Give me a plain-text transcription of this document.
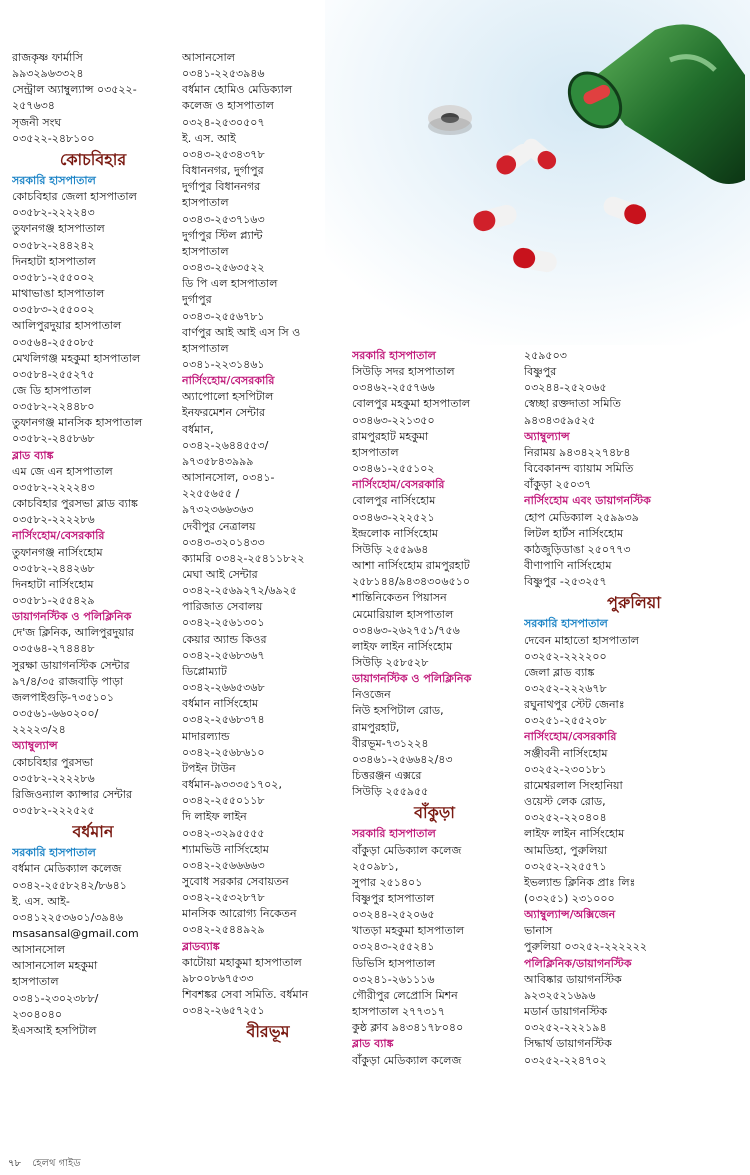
রাজকৃষ্ণ ফার্মাসি
৯৯৩২৯৬৩৩২৪
সেন্ট্রাল অ্যাম্বুল্যান্স ০৩৫২২-
২৫৭৬৩৪
সৃজনী সংঘ
০৩৫২২-২৪৮১০০
কোচবিহার
সরকারি হাসপাতাল
কোচবিহার জেলা হাসপাতাল
০৩৫৮২-২২২২৪৩
তুফানগঞ্জ হাসপাতাল
০৩৫৮২-২৪৪২৪২
দিনহাটা হাসপাতাল
০৩৫৮১-২৫৫০০২
মাথাভাঙা হাসপাতাল
০৩৫৮৩-২৫৫০০২
আলিপুরদুয়ার হাসপাতাল
০৩৫৬৪-২৫৫০৮৫
মেখলিগঞ্জ মহকুমা হাসপাতাল
০৩৫৮৪-২৫৫২৭৫
জে ডি হাসপাতাল
০৩৫৮২-২২৪৪৮০
তুফানগঞ্জ মানসিক হাসপাতাল
০৩৫৮২-২৪৫৮৬৮
ব্লাড ব্যাঙ্ক
এম জে এন হাসপাতাল
০৩৫৮২-২২২২৪৩
কোচবিহার পুরসভা ব্লাড ব্যাঙ্ক
০৩৫৮২-২২২২৮৬
নার্সিংহোম/বেসরকারি
তুফানগঞ্জ নার্সিংহোম
০৩৫৮২-২৪৪২৬৮
দিনহাটা নার্সিংহোম
০৩৫৮১-২৫৫৪২৯
ডায়াগনস্টিক ও পলিক্লিনিক
দে'জ ক্লিনিক, আলিপুরদুয়ার
০৩৫৬৪-২৭৪৪৪৮
সুরক্ষা ডায়াগনস্টিক সেন্টার
৯৭/৪/৩৫ রাজবাড়ি পাড়া
জলপাইগুড়ি-৭৩৫১০১
০৩৫৬১-৬৬০২০০/
২২২২৩/২৪
অ্যাম্বুল্যান্স
কোচবিহার পুরসভা
০৩৫৮২-২২২২৮৬
রিজিওন্যাল ক্যান্সার সেন্টার
০৩৫৮২-২২২৫২৫
বর্ধমান
সরকারি হাসপাতাল
বর্ধমান মেডিক্যাল কলেজ
০৩৪২-২৫৫৮২৪২/৮৬৪১
ই. এস. আই-
০৩৪১২২৫৩৬০১/৩৯৪৬
msasansal@gmail.com
আসানসোল
আসানসোল মহকুমা
হাসপাতাল
০৩৪১-২৩০২৩৮৮/
২৩০৪০৪০
ইএসআই হসপিটাল
আসানসোল
০৩৪১-২২৫৩৯৪৬
বর্ধমান হোমিও মেডিক্যাল
কলেজ ও হাসপাতাল
০৩২৪-২৫৩০৫০৭
ই. এস. আই
০৩৪৩-২৫৩৪৩৭৮
বিধাননগর, দুর্গাপুর
দুর্গাপুর বিধাননগর
হাসপাতাল
০৩৪৩-২৫৩৭১৬৩
দুর্গাপুর স্টিল প্ল্যান্ট
হাসপাতাল
০৩৪৩-২৫৬৩৫২২
ডি পি এল হাসপাতাল
দুর্গাপুর
০৩৪৩-২৫৫৬৭৮১
বার্ণপুর আই আই এস সি ও
হাসপাতাল
০৩৪১-২২৩১৪৬১
নার্সিংহোম/বেসরকারি
অ্যাপোলো হসপিটাল
ইনফরমেশন সেন্টার
বর্ধমান,
০৩৪২-২৬৪৪৫৫৩/
৯৭৩৫৮৪৩৯৯৯
আসানসোল, ০৩৪১-
২২৫৫৬৫৫ /
৯৭৩২৩৬৬৩৬৩
দেবীপুর নেত্রালয়
০৩৪৩-৩২০১৪৩৩
ক্যামরি ০৩৪২-২৫৪১১৮২২
মেঘা আই সেন্টার
০৩৪২-২৫৬৯২৭২/৬৯২৫
পারিজাত সেবালয়
০৩৪২-২৫৬১৩০১
কেয়ার অ্যান্ড কিওর
০৩৪২-২৫৬৮৩৬৭
ডিপ্লোম্যাট
০৩৪২-২৬৬৫৩৬৮
বর্ধমান নার্সিংহোম
০৩৪২-২৫৬৮৩৭৪
মাদারল্যান্ড
০৩৪২-২৫৬৮৬১০
টপইন টাউন
বর্ধমান-৯৩৩৩৫১৭০২,
০৩৪২-২৫৫০১১৮
দি লাইফ লাইন
০৩৪২-৩২৯৫৫৫৫
শ্যামভিউ নার্সিংহোম
০৩৪২-২৫৬৬৬৬৩
সুবোধ সরকার সেবায়তন
০৩৪২-২৫৩২৮৭৮
মানসিক আরোগ্য নিকেতন
০৩৪২-২৫৪৪৯২৯
ব্লাডব্যাঙ্ক
কাটোয়া মহাকুমা হাসপাতাল
৯৮০০৮৬৭৫৩৩
শিবশঙ্কর সেবা সমিতি. বর্ধমান
০৩৪২-২৬৫৭২৫১
বীরভূম
সরকারি হাসপাতাল
সিউড়ি সদর হাসপাতাল
০৩৪৬২-২৫৫৭৬৬
বোলপুর মহকুমা হাসপাতাল
০৩৪৬৩-২২১৩৫০
রামপুরহাট মহকুমা
হাসপাতাল
০৩৪৬১-২৫৫১০২
নার্সিংহোম/বেসরকারি
বোলপুর নার্সিংহোম
০৩৪৬৩-২২২৫২১
ইন্দ্রলোক নার্সিংহোম
সিউড়ি ২৫৫৯৬৪
আশা নার্সিংহোম রামপুরহাট
২৫৮১৪৪/৯৪৩৪৩০৬৫১০
শান্তিনিকেতন পিয়াসন
মেমোরিয়াল হাসপাতাল
০৩৪৬৩-২৬২৭৫১/৭৫৬
লাইফ লাইন নার্সিংহোম
সিউড়ি ২৫৮৫২৮
ডায়াগনস্টিক ও পলিক্লিনিক
নিওজেন
নিউ হসপিটাল রোড,
রামপুরহাট,
বীরভূম-৭৩১২২৪
০৩৪৬১-২৫৬৬৪২/৪৩
চিত্তরঞ্জন এক্সরে
সিউড়ি ২৫৫৯৫৫
বাঁকুড়া
সরকারি হাসপাতাল
বাঁকুড়া মেডিক্যাল কলেজ
২৫০৯৮১,
সুপার ২৫১৪০১
বিষ্ণুপুর হাসপাতাল
০৩২৪৪-২৫২০৬৫
খাতড়া মহকুমা হাসপাতাল
০৩২৪৩-২৫৫২৪১
ডিভিসি হাসপাতাল
০৩২৪১-২৬১১১৬
গৌরীপুর লেপ্রোসি মিশন
হাসপাতাল ২৭৭৩১৭
কুষ্ঠ ক্লাব ৯৪৩৪১৭৮০৪০
ব্লাড ব্যাঙ্ক
বাঁকুড়া মেডিক্যাল কলেজ
২৫৯৫০৩
বিষ্ণুপুর
০৩২৪৪-২৫২০৬৫
স্বেচ্ছা রক্তদাতা সমিতি
৯৪৩৪৩৫৯৫২৫
অ্যাম্বুল্যান্স
নিরাময় ৯৪৩৪২২৭৪৮৪
বিবেকানন্দ ব্যায়াম সমিতি
বাঁকুড়া ২৫০৩৭
নার্সিংহোম এবং ডায়াগনস্টিক
হোপ মেডিক্যাল ২৫৯৯৩৯
লিটল হার্টস নার্সিংহোম
কাঠজুড়িডাঙা ২৫০৭৭৩
বীণাপাণি নার্সিংহোম
বিষ্ণুপুর -২৫৩২৫৭
পুরুলিয়া
সরকারি হাসপাতাল
দেবেন মাহাতো হাসপাতাল
০৩২৫২-২২২২০০
জেলা ব্লাড ব্যাঙ্ক
০৩২৫২-২২২৬৭৮
রঘুনাথপুর স্টেট জেনাঃ
০৩২৫১-২৫৫২০৮
নার্সিংহোম/বেসরকারি
সঞ্জীবনী নার্সিংহোম
০৩২৫২-২৩০১৮১
রামেশ্বরলাল সিংহানিয়া
ওয়েস্ট লেক রোড,
০৩২৫২-২২০৪০৪
লাইফ লাইন নার্সিংহোম
আমডিহা, পুরুলিয়া
০৩২৫২-২২৫৫৭১
ইভল্যান্ড ক্লিনিক প্রাঃ লিঃ
(০৩২৫১) ২৩১০০০
অ্যাম্বুল্যান্স/অক্সিজেন
ভানাস
পুরুলিয়া ০৩২৫২-২২২২২২
পলিক্লিনিক/ডায়াগনস্টিক
আবিষ্কার ডায়াগনস্টিক
৯২৩২৫২১৬৯৬
মডার্ন ডায়াগনস্টিক
০৩২৫২-২২২১৯৪
সিদ্ধার্থ ডায়াগনস্টিক
০৩২৫২-২২৪৭০২
৭৮ হেলথ গাইড
